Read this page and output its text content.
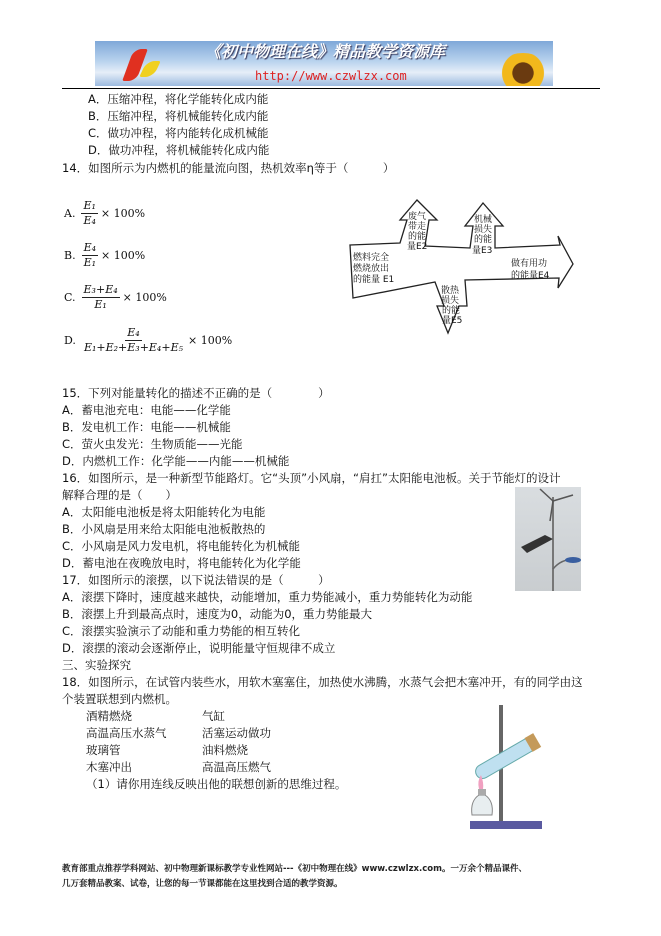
《初中物理在线》精品教学资源库
http://www.czwlzx.com
A．压缩冲程，将化学能转化成内能
B．压缩冲程，将机械能转化成内能
C．做功冲程，将内能转化成机械能
D．做功冲程，将机械能转化成内能
14．如图所示为内燃机的能量流向图，热机效率η等于（　　　）
A. $\frac{\text{E₁}}{\text{E₄}} \times 100\%$
B. $\frac{\text{E₄}}{\text{E₁}} \times 100\%$
C. $\frac{\text{E₃+E₄}}{\text{E₁}} \times 100\%$
D. $\frac{\text{E₄}}{\text{E₁+E₂+E₃+E₄+E₅}} \times 100\%$
燃料完全
燃烧放出
的能量 E1
废气
带走
的能
量E2
机械
损失
的能
量E3
做有用功
的能量E4
散热
损失
的能
量E5
15．下列对能量转化的描述不正确的是（　　　　）
A．蓄电池充电：电能——化学能
B．发电机工作：电能——机械能
C．萤火虫发光：生物质能——光能
D．内燃机工作：化学能——内能——机械能
16．如图所示，是一种新型节能路灯。它“头顶”小风扇，“肩扛”太阳能电池板。关于节能灯的设计
解释合理的是（　　）
A．太阳能电池板是将太阳能转化为电能
B．小风扇是用来给太阳能电池板散热的
C．小风扇是风力发电机，将电能转化为机械能
D．蓄电池在夜晚放电时，将电能转化为化学能
17．如图所示的滚摆，以下说法错误的是（　　　）
A．滚摆下降时，速度越来越快，动能增加，重力势能减小，重力势能转化为动能
B．滚摆上升到最高点时，速度为0，动能为0，重力势能最大
C．滚摆实验演示了动能和重力势能的相互转化
D．滚摆的滚动会逐渐停止，说明能量守恒规律不成立
三、实验探究
18．如图所示，在试管内装些水，用软木塞塞住，加热使水沸腾，水蒸气会把木塞冲开，有的同学由这
个装置联想到内燃机。
酒精燃烧
高温高压水蒸气
玻璃管
木塞冲出
气缸
活塞运动做功
油料燃烧
高温高压燃气
（1）请你用连线反映出他的联想创新的思维过程。
教育部重点推荐学科网站、初中物理新课标教学专业性网站---《初中物理在线》www.czwlzx.com。一万余个精品课件、
几万套精品教案、试卷，让您的每一节课都能在这里找到合适的教学资源。
